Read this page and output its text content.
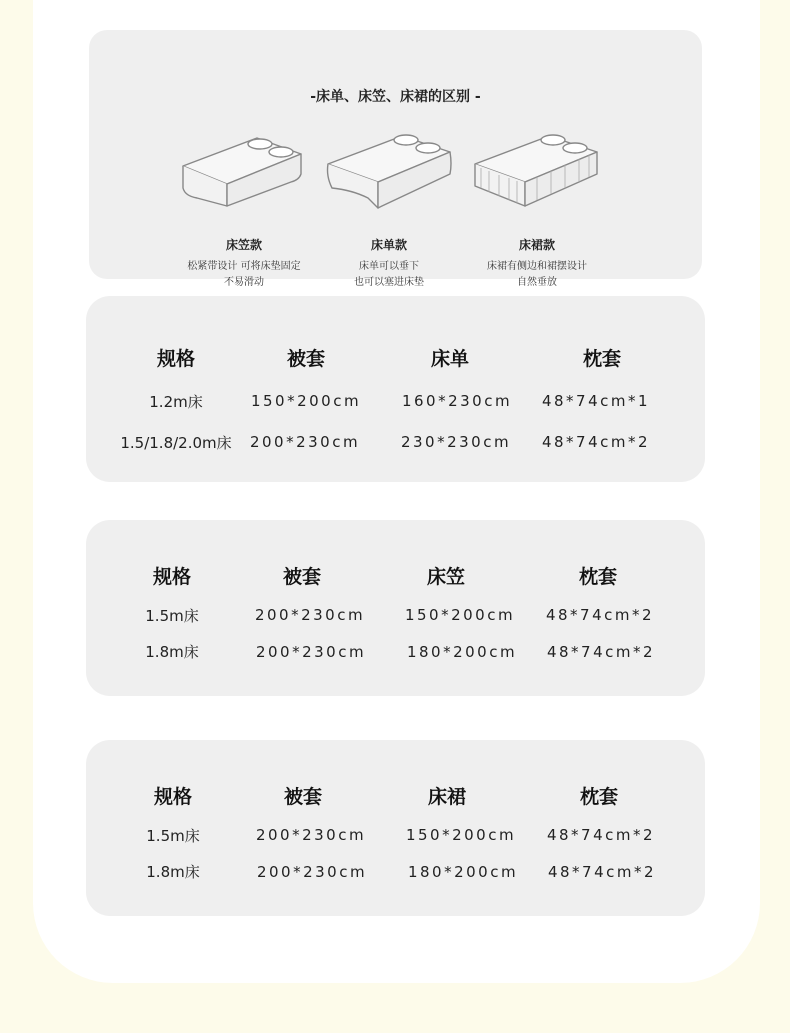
-床单、床笠、床裙的区别 -
床笠款
松紧带设计 可将床垫固定
不易滑动
床单款
床单可以垂下
也可以塞进床垫
床裙款
床裙有侧边和裙摆设计
自然垂放
规格	被套	床单	枕套
1.2m床	150*200cm	160*230cm 48*74cm*1
1.5/1.8/2.0m床 200*230cm	230*230cm 48*74cm*2
规格	被套	床笠	枕套
1.5m床	200*230cm	150*200cm 48*74cm*2
1.8m床	200*230cm	180*200cm 48*74cm*2
规格	被套	床裙	枕套
1.5m床	200*230cm	150*200cm 48*74cm*2
1.8m床	200*230cm	180*200cm 48*74cm*2
